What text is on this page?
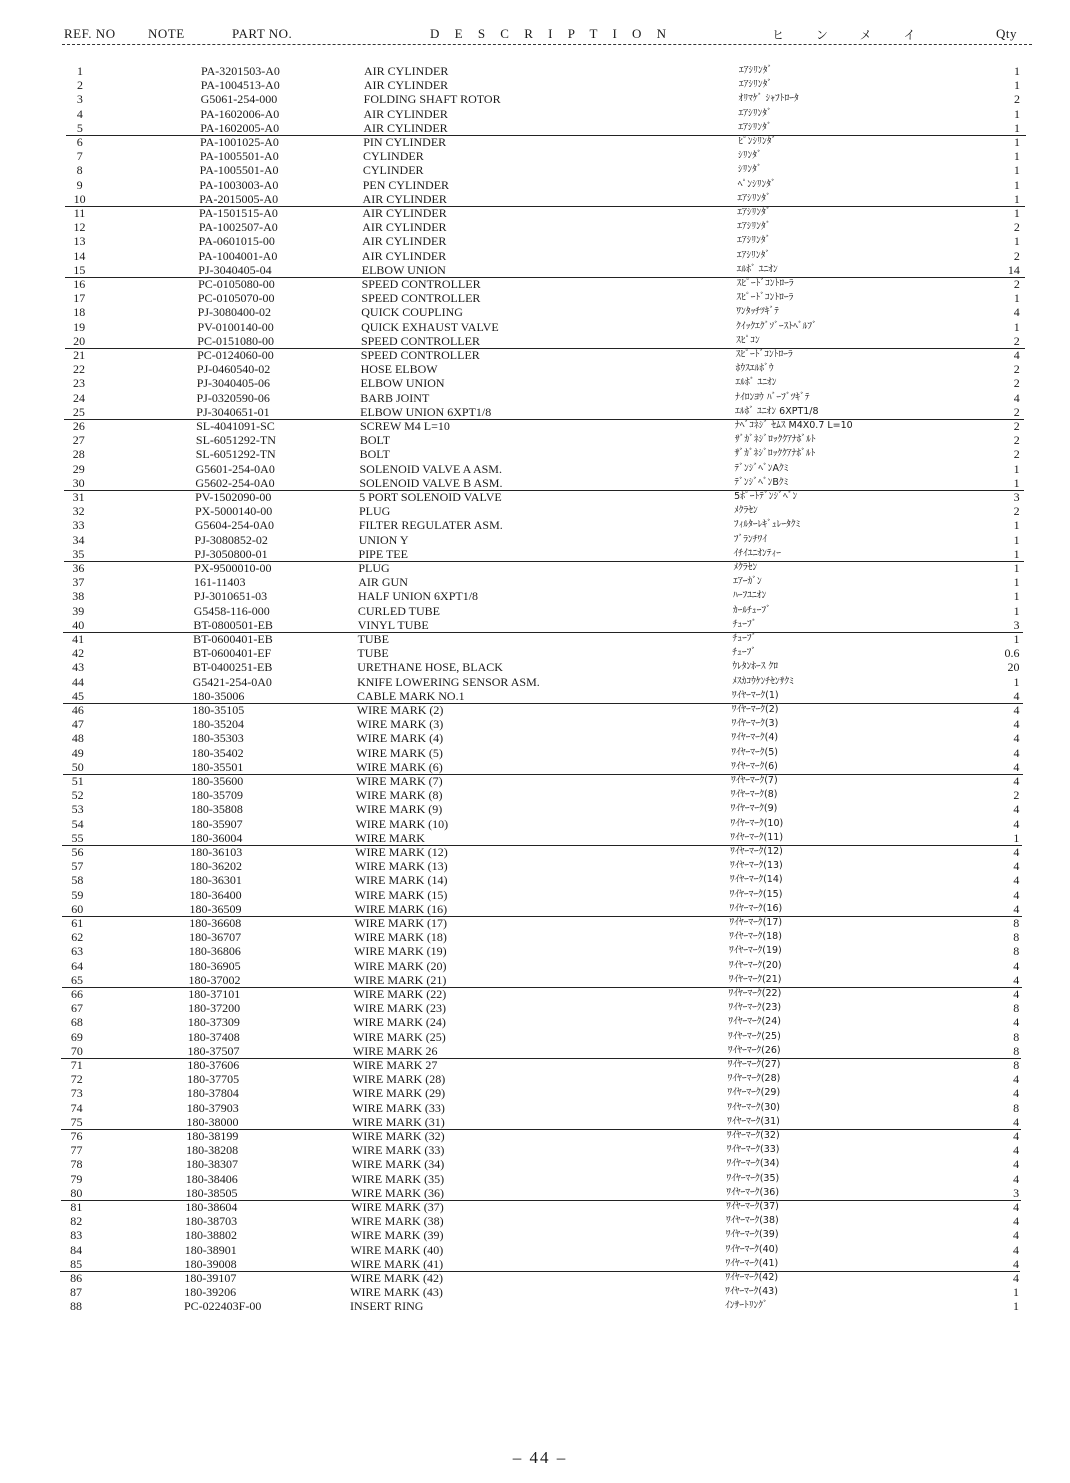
REF. NO NOTE	PART NO.	D E S C R I P T I O N	ヒ ン メ イ	Qty
1	PA-3201503-A0	AIR CYLINDER	ｴｱｼﾘﾝﾀﾞ	1
2	PA-1004513-A0	AIR CYLINDER	ｴｱｼﾘﾝﾀﾞ	1
3	G5061-254-000	FOLDING SHAFT ROTOR	ｵﾘﾏｹﾞ ｼｬﾌﾄﾛｰﾀ	2
4	PA-1602006-A0	AIR CYLINDER	ｴｱｼﾘﾝﾀﾞ	1
5	PA-1602005-A0	AIR CYLINDER	ｴｱｼﾘﾝﾀﾞ	1
6	PA-1001025-A0	PIN CYLINDER	ﾋﾟﾝｼﾘﾝﾀﾞ	1
7	PA-1005501-A0	CYLINDER	ｼﾘﾝﾀﾞ	1
8	PA-1005501-A0	CYLINDER	ｼﾘﾝﾀﾞ	1
9	PA-1003003-A0	PEN CYLINDER	ﾍﾟﾝｼﾘﾝﾀﾞ	1
10	PA-2015005-A0	AIR CYLINDER	ｴｱｼﾘﾝﾀﾞ	1
11	PA-1501515-A0	AIR CYLINDER	ｴｱｼﾘﾝﾀﾞ	1
12	PA-1002507-A0	AIR CYLINDER	ｴｱｼﾘﾝﾀﾞ	2
13	PA-0601015-00	AIR CYLINDER	ｴｱｼﾘﾝﾀﾞ	1
14	PA-1004001-A0	AIR CYLINDER	ｴｱｼﾘﾝﾀﾞ	2
15	PJ-3040405-04	ELBOW UNION	ｴﾙﾎﾞ ﾕﾆｵﾝ	14
16	PC-0105080-00	SPEED CONTROLLER	ｽﾋﾟｰﾄﾞｺﾝﾄﾛｰﾗ	2
17	PC-0105070-00	SPEED CONTROLLER	ｽﾋﾟｰﾄﾞｺﾝﾄﾛｰﾗ	1
18	PJ-3080400-02	QUICK COUPLING	ﾜﾝﾀｯﾁﾂｷﾞﾃ	4
19	PV-0100140-00	QUICK EXHAUST VALVE	ｸｲｯｸｴｸﾞｿﾞｰｽﾄﾍﾞﾙﾌﾞ	1
20	PC-0151080-00	SPEED CONTROLLER	ｽﾋﾟｺﾝ	2
21	PC-0124060-00	SPEED CONTROLLER	ｽﾋﾟｰﾄﾞｺﾝﾄﾛｰﾗ	4
22	PJ-0460540-02	HOSE ELBOW	ﾎｳｽｴﾙﾎﾞｳ	2
23	PJ-3040405-06	ELBOW UNION	ｴﾙﾎﾞ ﾕﾆｵﾝ	2
24	PJ-0320590-06	BARB JOINT	ﾅｲﾛﾝﾖｳ ﾊﾞｰﾌﾞﾂｷﾞﾃ	4
25	PJ-3040651-01	ELBOW UNION 6XPT1/8	ｴﾙﾎﾞ ﾕﾆｵﾝ 6XPT1/8	2
26	SL-4041091-SC	SCREW M4 L=10	ﾅﾍﾞｺﾈｼﾞ ｾﾑｽ M4X0.7 L=10	2
27	SL-6051292-TN	BOLT	ｻﾞｶﾞﾈｼﾞﾛｯｸｸｱﾅﾎﾞﾙﾄ	2
28	SL-6051292-TN	BOLT	ｻﾞｶﾞﾈｼﾞﾛｯｸｸｱﾅﾎﾞﾙﾄ	2
29	G5601-254-0A0	SOLENOID VALVE A ASM.	ﾃﾞﾝｼﾞﾍﾞﾝAｸﾐ	1
30	G5602-254-0A0	SOLENOID VALVE B ASM.	ﾃﾞﾝｼﾞﾍﾞﾝBｸﾐ	1
31	PV-1502090-00	5 PORT SOLENOID VALVE	5ﾎﾟｰﾄﾃﾞﾝｼﾞﾍﾞﾝ	3
32	PX-5000140-00	PLUG	ﾒｸﾗｾﾝ	2
33	G5604-254-0A0	FILTER REGULATER ASM.	ﾌｨﾙﾀｰﾚｷﾞｭﾚｰﾀｸﾐ	1
34	PJ-3080852-02	UNION Y	ﾌﾞﾗﾝﾁﾜｲ	1
35	PJ-3050800-01	PIPE TEE	ｲﾁｲﾕﾆｵﾝﾃｨｰ	1
36	PX-9500010-00	PLUG	ﾒｸﾗｾﾝ	1
37	161-11403	AIR GUN	ｴｱｰｶﾞﾝ	1
38	PJ-3010651-03	HALF UNION 6XPT1/8	ﾊｰﾌﾕﾆｵﾝ	1
39	G5458-116-000	CURLED TUBE	ｶｰﾙﾁｭｰﾌﾞ	1
40	BT-0800501-EB	VINYL TUBE	ﾁｭｰﾌﾞ	3
41	BT-0600401-EB	TUBE	ﾁｭｰﾌﾞ	1
42	BT-0600401-EF	TUBE	ﾁｭｰﾌﾞ	0.6
43	BT-0400251-EB	URETHANE HOSE, BLACK	ｳﾚﾀﾝﾎｰｽ ｸﾛ	20
44	G5421-254-0A0	KNIFE LOWERING SENSOR ASM.	ﾒｽｶｺｳｹﾝﾁｾﾝｻｸﾐ	1
45	180-35006	CABLE MARK NO.1	ﾜｲﾔｰﾏｰｸ(1)	4
46	180-35105	WIRE MARK (2)	ﾜｲﾔｰﾏｰｸ(2)	4
47	180-35204	WIRE MARK (3)	ﾜｲﾔｰﾏｰｸ(3)	4
48	180-35303	WIRE MARK (4)	ﾜｲﾔｰﾏｰｸ(4)	4
49	180-35402	WIRE MARK (5)	ﾜｲﾔｰﾏｰｸ(5)	4
50	180-35501	WIRE MARK (6)	ﾜｲﾔｰﾏｰｸ(6)	4
51	180-35600	WIRE MARK (7)	ﾜｲﾔｰﾏｰｸ(7)	4
52	180-35709	WIRE MARK (8)	ﾜｲﾔｰﾏｰｸ(8)	2
53	180-35808	WIRE MARK (9)	ﾜｲﾔｰﾏｰｸ(9)	4
54	180-35907	WIRE MARK (10)	ﾜｲﾔｰﾏｰｸ(10)	4
55	180-36004	WIRE MARK	ﾜｲﾔｰﾏｰｸ(11)	1
56	180-36103	WIRE MARK (12)	ﾜｲﾔｰﾏｰｸ(12)	4
57	180-36202	WIRE MARK (13)	ﾜｲﾔｰﾏｰｸ(13)	4
58	180-36301	WIRE MARK (14)	ﾜｲﾔｰﾏｰｸ(14)	4
59	180-36400	WIRE MARK (15)	ﾜｲﾔｰﾏｰｸ(15)	4
60	180-36509	WIRE MARK (16)	ﾜｲﾔｰﾏｰｸ(16)	4
61	180-36608	WIRE MARK (17)	ﾜｲﾔｰﾏｰｸ(17)	8
62	180-36707	WIRE MARK (18)	ﾜｲﾔｰﾏｰｸ(18)	8
63	180-36806	WIRE MARK (19)	ﾜｲﾔｰﾏｰｸ(19)	8
64	180-36905	WIRE MARK (20)	ﾜｲﾔｰﾏｰｸ(20)	4
65	180-37002	WIRE MARK (21)	ﾜｲﾔｰﾏｰｸ(21)	4
66	180-37101	WIRE MARK (22)	ﾜｲﾔｰﾏｰｸ(22)	4
67	180-37200	WIRE MARK (23)	ﾜｲﾔｰﾏｰｸ(23)	8
68	180-37309	WIRE MARK (24)	ﾜｲﾔｰﾏｰｸ(24)	4
69	180-37408	WIRE MARK (25)	ﾜｲﾔｰﾏｰｸ(25)	8
70	180-37507	WIRE MARK 26	ﾜｲﾔｰﾏｰｸ(26)	8
71	180-37606	WIRE MARK 27	ﾜｲﾔｰﾏｰｸ(27)	8
72	180-37705	WIRE MARK (28)	ﾜｲﾔｰﾏｰｸ(28)	4
73	180-37804	WIRE MARK (29)	ﾜｲﾔｰﾏｰｸ(29)	4
74	180-37903	WIRE MARK (33)	ﾜｲﾔｰﾏｰｸ(30)	8
75	180-38000	WIRE MARK (31)	ﾜｲﾔｰﾏｰｸ(31)	4
76	180-38199	WIRE MARK (32)	ﾜｲﾔｰﾏｰｸ(32)	4
77	180-38208	WIRE MARK (33)	ﾜｲﾔｰﾏｰｸ(33)	4
78	180-38307	WIRE MARK (34)	ﾜｲﾔｰﾏｰｸ(34)	4
79	180-38406	WIRE MARK (35)	ﾜｲﾔｰﾏｰｸ(35)	4
80	180-38505	WIRE MARK (36)	ﾜｲﾔｰﾏｰｸ(36)	3
81	180-38604	WIRE MARK (37)	ﾜｲﾔｰﾏｰｸ(37)	4
82	180-38703	WIRE MARK (38)	ﾜｲﾔｰﾏｰｸ(38)	4
83	180-38802	WIRE MARK (39)	ﾜｲﾔｰﾏｰｸ(39)	4
84	180-38901	WIRE MARK (40)	ﾜｲﾔｰﾏｰｸ(40)	4
85	180-39008	WIRE MARK (41)	ﾜｲﾔｰﾏｰｸ(41)	4
86	180-39107	WIRE MARK (42)	ﾜｲﾔｰﾏｰｸ(42)	4
87	180-39206	WIRE MARK (43)	ﾜｲﾔｰﾏｰｸ(43)	1
88	PC-022403F-00	INSERT RING	ｲﾝｻｰﾄﾘﾝｸﾞ	1
– 44 –
